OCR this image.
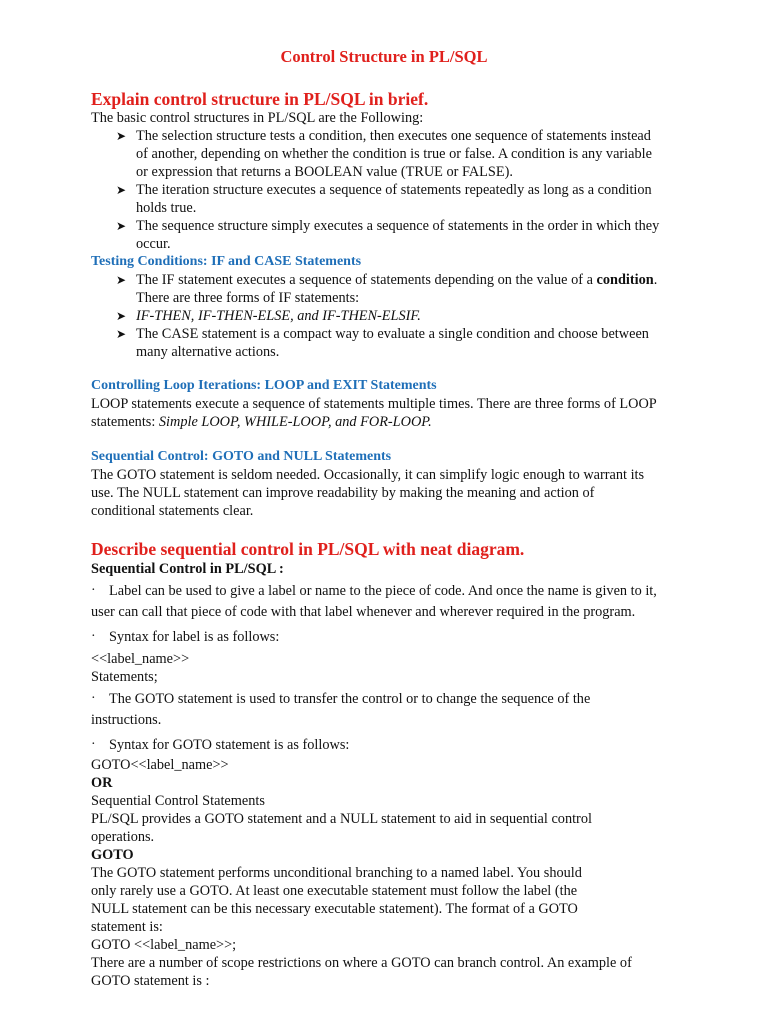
Control Structure in PL/SQL
Explain control structure in PL/SQL in brief.
The basic control structures in PL/SQL are the Following:
➤ The selection structure tests a condition, then executes one sequence of statements instead
of another, depending on whether the condition is true or false. A condition is any variable
or expression that returns a BOOLEAN value (TRUE or FALSE).
➤ The iteration structure executes a sequence of statements repeatedly as long as a condition
holds true.
➤ The sequence structure simply executes a sequence of statements in the order in which they
occur.
Testing Conditions: IF and CASE Statements
➤ The IF statement executes a sequence of statements depending on the value of a condition.
There are three forms of IF statements:
➤ IF-THEN, IF-THEN-ELSE, and IF-THEN-ELSIF.
➤ The CASE statement is a compact way to evaluate a single condition and choose between
many alternative actions.
Controlling Loop Iterations: LOOP and EXIT Statements
LOOP statements execute a sequence of statements multiple times. There are three forms of LOOP
statements: Simple LOOP, WHILE-LOOP, and FOR-LOOP.
Sequential Control: GOTO and NULL Statements
The GOTO statement is seldom needed. Occasionally, it can simplify logic enough to warrant its
use. The NULL statement can improve readability by making the meaning and action of
conditional statements clear.
Describe sequential control in PL/SQL with neat diagram.
Sequential Control in PL/SQL :
· Label can be used to give a label or name to the piece of code. And once the name is given to it,
user can call that piece of code with that label whenever and wherever required in the program.
· Syntax for label is as follows:
<<label_name>>
Statements;
· The GOTO statement is used to transfer the control or to change the sequence of the
instructions.
· Syntax for GOTO statement is as follows:
GOTO<<label_name>>
OR
Sequential Control Statements
PL/SQL provides a GOTO statement and a NULL statement to aid in sequential control
operations.
GOTO
The GOTO statement performs unconditional branching to a named label. You should
only rarely use a GOTO. At least one executable statement must follow the label (the
NULL statement can be this necessary executable statement). The format of a GOTO
statement is:
GOTO <<label_name>>;
There are a number of scope restrictions on where a GOTO can branch control. An example of
GOTO statement is :
